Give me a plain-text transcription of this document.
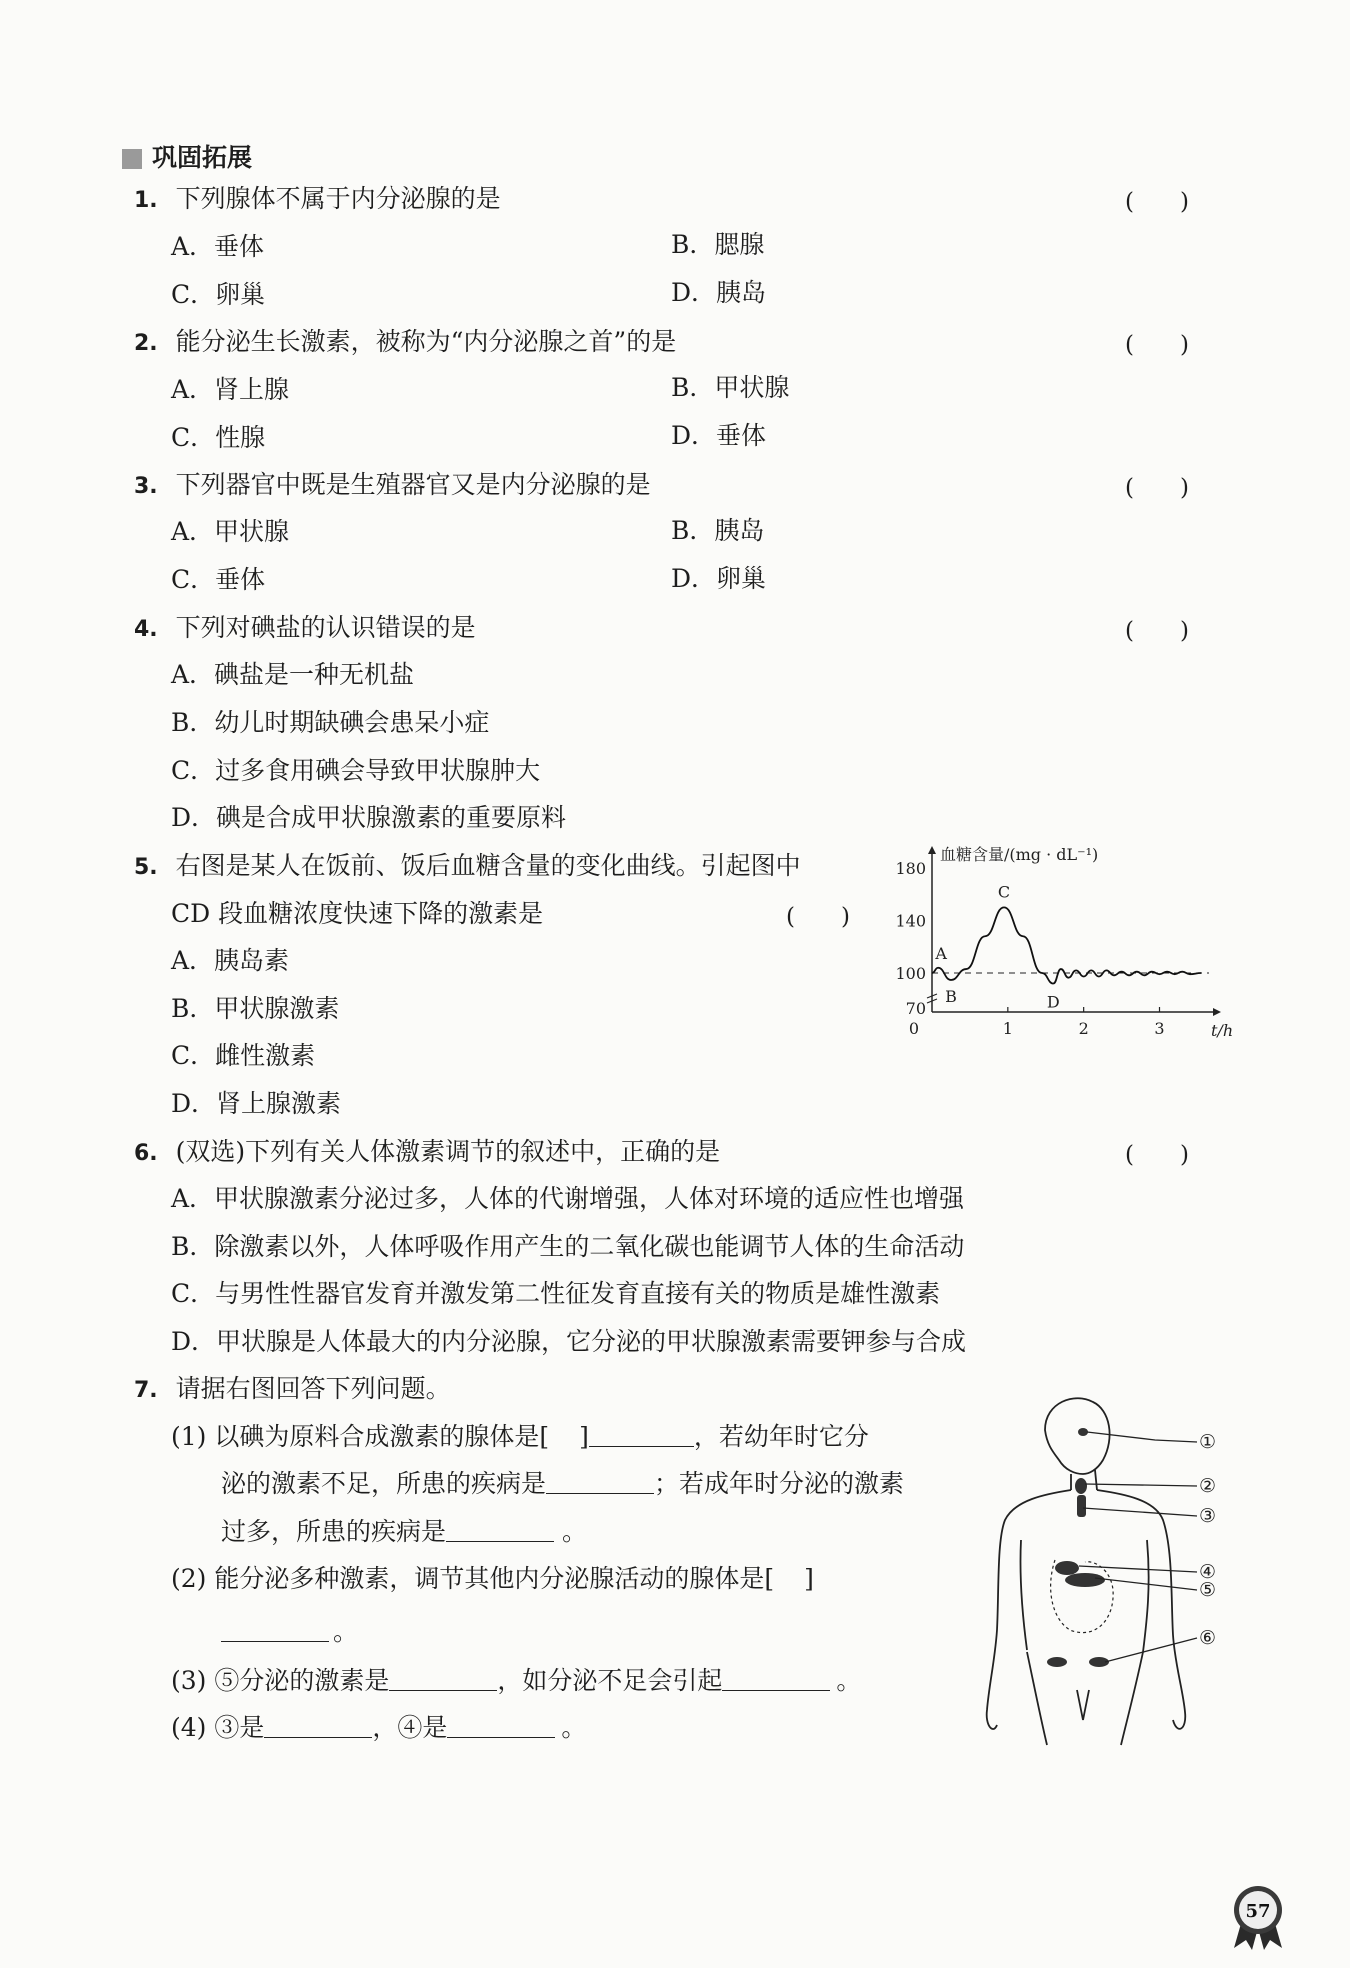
巩固拓展
1. 下列腺体不属于内分泌腺的是	(　　)
A．垂体	B．腮腺
C．卵巢	D．胰岛
2. 能分泌生长激素，被称为“内分泌腺之首”的是	(　　)
A．肾上腺	B．甲状腺
C．性腺	D．垂体
3. 下列器官中既是生殖器官又是内分泌腺的是	(　　)
A．甲状腺	B．胰岛
C．垂体	D．卵巢
4. 下列对碘盐的认识错误的是	(　　)
A．碘盐是一种无机盐
B．幼儿时期缺碘会患呆小症
C．过多食用碘会导致甲状腺肿大
D．碘是合成甲状腺激素的重要原料
5. 右图是某人在饭前、饭后血糖含量的变化曲线。引起图中
CD 段血糖浓度快速下降的激素是	(　　)
A．胰岛素
B．甲状腺激素
C．雌性激素
D．肾上腺激素
血糖含量/(mg · dL⁻¹)
t/h
180
140
100
70
0	1	2	3
A
B
C
D
6. (双选)下列有关人体激素调节的叙述中，正确的是	(　　)
A．甲状腺激素分泌过多，人体的代谢增强，人体对环境的适应性也增强
B．除激素以外，人体呼吸作用产生的二氧化碳也能调节人体的生命活动
C．与男性性器官发育并激发第二性征发育直接有关的物质是雄性激素
D．甲状腺是人体最大的内分泌腺，它分泌的甲状腺激素需要钾参与合成
7. 请据右图回答下列问题。
(1) 以碘为原料合成激素的腺体是[ ]	，若幼年时它分
泌的激素不足，所患的疾病是	；若成年时分泌的激素
过多，所患的疾病是	。
(2) 能分泌多种激素，调节其他内分泌腺活动的腺体是[ ]
。
(3) ⑤分泌的激素是	，如分泌不足会引起	。
(4) ③是	，④是	。
①
②
③
④
⑤
⑥
57
